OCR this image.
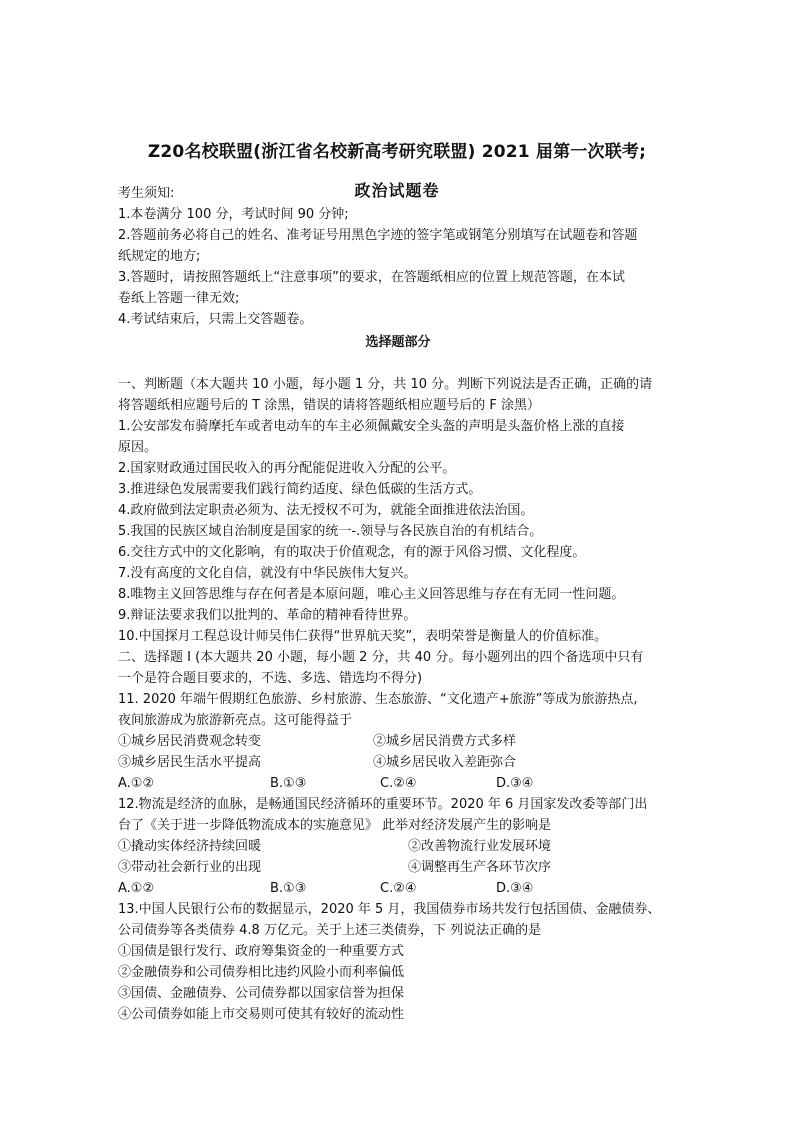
Z20名校联盟(浙江省名校新高考研究联盟) 2021 届第一次联考;
政治试题卷

考生须知:

1.本卷满分 100 分，考试时间 90 分钟;

2.答题前务必将自己的姓名、准考证号用黑色字迹的签字笔或钢笔分别填写在试题卷和答题

纸规定的地方;

3.答题时，请按照答题纸上“注意事项”的要求，在答题纸相应的位置上规范答题，在本试

卷纸上答题一律无效;

4.考试结束后，只需上交答题卷。

选择题部分

一、判断题（本大题共 10 小题，每小题 1 分，共 10 分。判断下列说法是否正确，正确的请

将答题纸相应题号后的 T 涂黑，错误的请将答题纸相应题号后的 F 涂黑）

1.公安部发布骑摩托车或者电动车的车主必须佩戴安全头盔的声明是头盔价格上涨的直接

原因。

2.国家财政通过国民收入的再分配能促进收入分配的公平。

3.推进绿色发展需要我们践行简约适度、绿色低碳的生活方式。

4.政府做到法定职责必须为、法无授权不可为，就能全面推进依法治国。

5.我国的民族区域自治制度是国家的统一-.领导与各民族自治的有机结合。

6.交往方式中的文化影响，有的取决于价值观念，有的源于风俗习惯、文化程度。

7.没有高度的文化自信，就没有中华民族伟大复兴。

8.唯物主义回答思维与存在何者是本原问题，唯心主义回答思维与存在有无同一性问题。

9.辩证法要求我们以批判的、革命的精神看待世界。

10.中国探月工程总设计师吴伟仁获得“世界航天奖”，表明荣誉是衡量人的价值标准。

二、选择题 I (本大题共 20 小题，每小题 2 分，共 40 分。每小题列出的四个备选项中只有

一个是符合题目要求的，不选、多选、错选均不得分)

11. 2020 年端午假期红色旅游、乡村旅游、生态旅游、“文化遗产+旅游”等成为旅游热点,

夜间旅游成为旅游新亮点。这可能得益于

①城乡居民消费观念转变	②城乡居民消费方式多样
③城乡居民生活水平提高	④城乡居民收入差距弥合
A.①②	B.①③	C.②④	D.③④

12.物流是经济的血脉，是畅通国民经济循环的重要环节。2020 年 6 月国家发改委等部门出

台了《关于进一步降低物流成本的实施意见》 此举对经济发展产生的影响是

①撬动实体经济持续回暖	②改善物流行业发展环境
③带动社会新行业的出现	④调整再生产各环节次序
A.①②	B.①③	C.②④	D.③④

13.中国人民银行公布的数据显示，2020 年 5 月，我国债券市场共发行包括国债、金融债券、

公司债券等各类债券 4.8 万亿元。关于上述三类债券，下 列说法正确的是

①国债是银行发行、政府筹集资金的一种重要方式

②金融债券和公司债券相比违约风险小而利率偏低

③国债、金融债券、公司债券都以国家信誉为担保

④公司债券如能上市交易则可使其有较好的流动性
